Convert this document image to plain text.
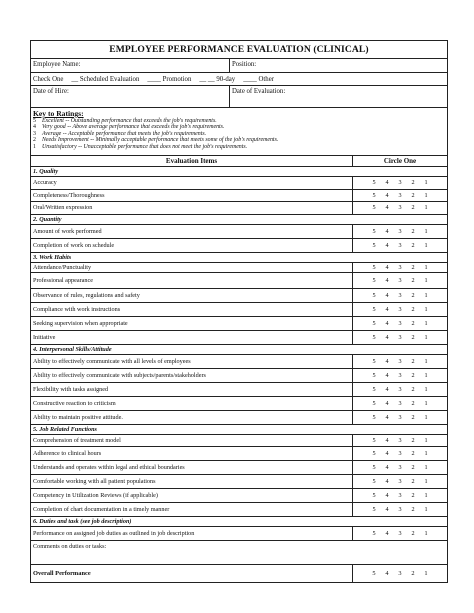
EMPLOYEE PERFORMANCE EVALUATION (CLINICAL)
Employee Name:	Position:
Check One __ Scheduled Evaluation ____ Promotion __ __ 90-day ____ Other
Date of Hire:	Date of Evaluation:
Key to Ratings:
5	Excellent -- Outstanding performance that exceeds the job's requirements.
4	Very good -- Above average performance that exceeds the job's requirements.
3	Average -- Acceptable performance that meets the job's requirements.
2	Needs Improvement -- Minimally acceptable performance that meets some of the job's requirements.
1	Unsatisfactory -- Unacceptable performance that does not meet the job's requirements.
Evaluation Items	Circle One
1. Quality
Accuracy	5	4	3	2	1
Completeness/Thoroughness	5	4	3	2	1
Oral/Written expression	5	4	3	2	1
2. Quantity
Amount of work performed	5	4	3	2	1
Completion of work on schedule	5	4	3	2	1
3. Work Habits
Attendance/Punctuality	5	4	3	2	1
Professional appearance	5	4	3	2	1
Observance of rules, regulations and safety	5	4	3	2	1
Compliance with work instructions	5	4	3	2	1
Seeking supervision when appropriate	5	4	3	2	1
Initiative	5	4	3	2	1
4. Interpersonal Skills/Attitude
Ability to effectively communicate with all levels of employees	5	4	3	2	1
Ability to effectively communicate with subjects/parents/stakeholders	5	4	3	2	1
Flexibility with tasks assigned	5	4	3	2	1
Constructive reaction to criticism	5	4	3	2	1
Ability to maintain positive attitude.	5	4	3	2	1
5. Job Related Functions
Comprehension of treatment model	5	4	3	2	1
Adherence to clinical hours	5	4	3	2	1
Understands and operates within legal and ethical boundaries	5	4	3	2	1
Comfortable working with all patient populations	5	4	3	2	1
Competency in Utilization Reviews (if applicable)	5	4	3	2	1
Completion of chart documentation in a timely manner	5	4	3	2	1
6. Duties and task (see job description)
Performance on assigned job duties as outlined in job description	5	4	3	2	1
Comments on duties or tasks:
Overall Performance	5	4	3	2	1
